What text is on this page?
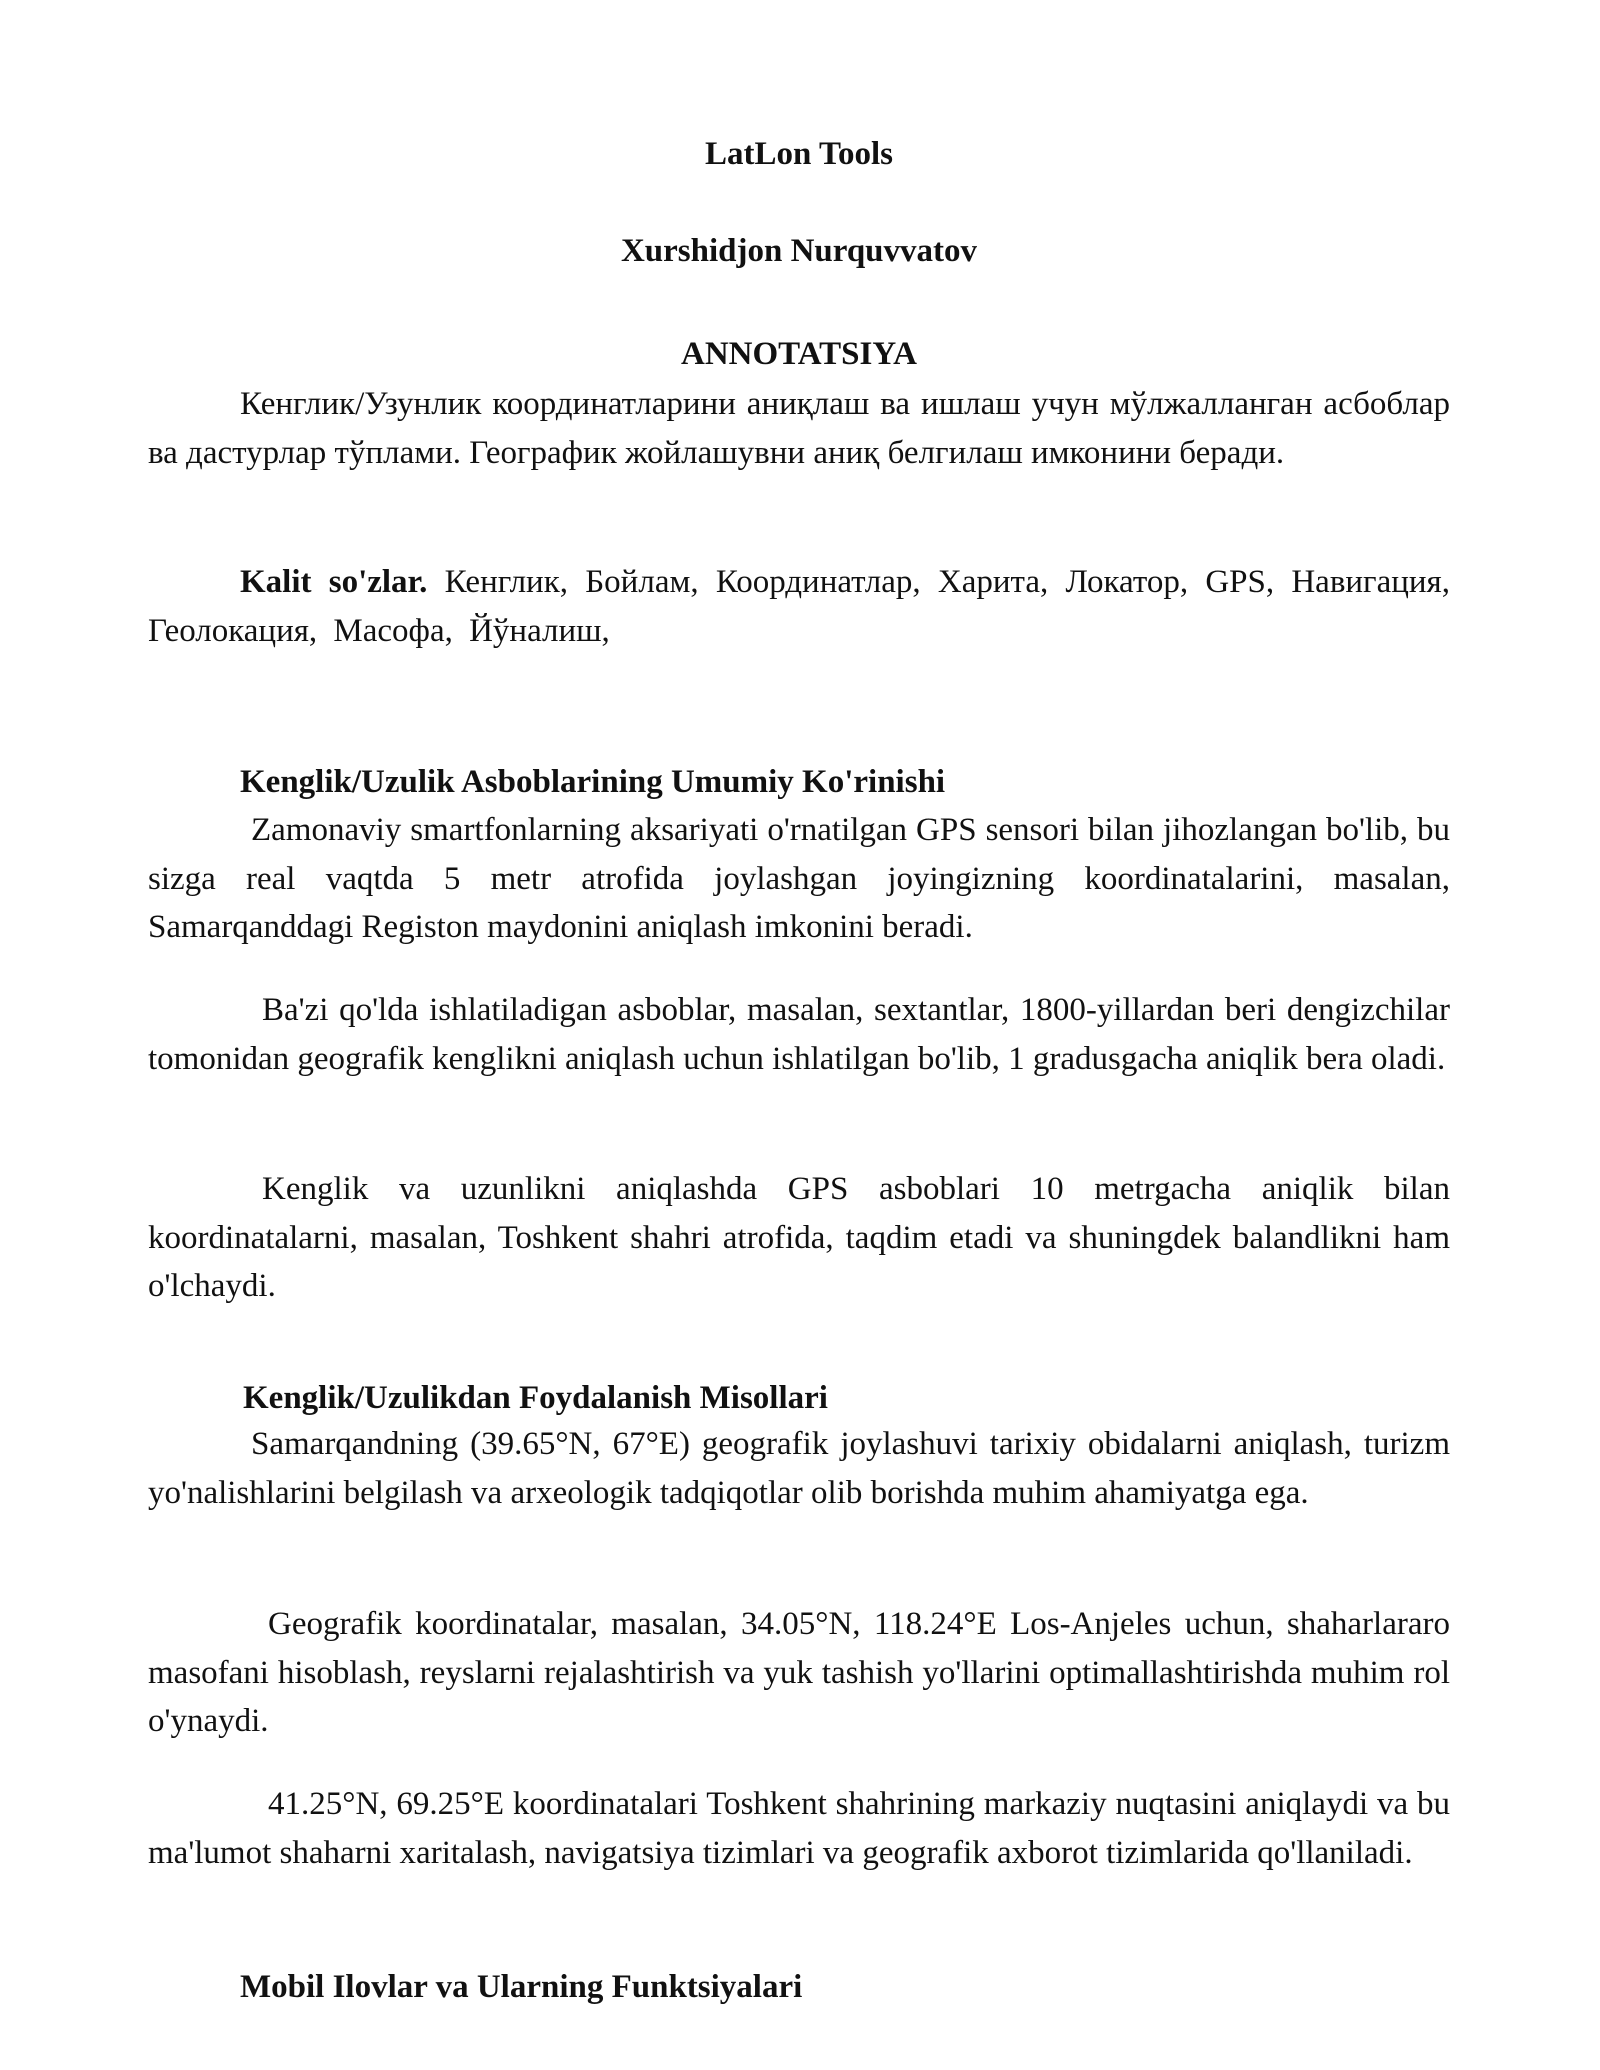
LatLon Tools

Xurshidjon Nurquvvatov

ANNOTATSIYA

Кенглик/Узунлик координатларини аниқлаш ва ишлаш учун мўлжалланган асбоблар ва дастурлар тўплами. Географик жойлашувни аниқ белгилаш имконини беради.

Kalit so'zlar. Кенглик, Бойлам, Координатлар, Харита, Локатор, GPS, Навигация, Геолокация, Масофа, Йўналиш,

Kenglik/Uzulik Asboblarining Umumiy Ko'rinishi

Zamonaviy smartfonlarning aksariyati o'rnatilgan GPS sensori bilan jihozlangan bo'lib, bu sizga real vaqtda 5 metr atrofida joylashgan joyingizning koordinatalarini, masalan, Samarqanddagi Registon maydonini aniqlash imkonini beradi.

Ba'zi qo'lda ishlatiladigan asboblar, masalan, sextantlar, 1800-yillardan beri dengizchilar tomonidan geografik kenglikni aniqlash uchun ishlatilgan bo'lib, 1 gradusgacha aniqlik bera oladi.

Kenglik va uzunlikni aniqlashda GPS asboblari 10 metrgacha aniqlik bilan koordinatalarni, masalan, Toshkent shahri atrofida, taqdim etadi va shuningdek balandlikni ham o'lchaydi.

Kenglik/Uzulikdan Foydalanish Misollari

Samarqandning (39.65°N, 67°E) geografik joylashuvi tarixiy obidalarni aniqlash, turizm yo'nalishlarini belgilash va arxeologik tadqiqotlar olib borishda muhim ahamiyatga ega.

Geografik koordinatalar, masalan, 34.05°N, 118.24°E Los-Anjeles uchun, shaharlararo masofani hisoblash, reyslarni rejalashtirish va yuk tashish yo'llarini optimallashtirishda muhim rol o'ynaydi.

41.25°N, 69.25°E koordinatalari Toshkent shahrining markaziy nuqtasini aniqlaydi va bu ma'lumot shaharni xaritalash, navigatsiya tizimlari va geografik axborot tizimlarida qo'llaniladi.

Mobil Ilovlar va Ularning Funktsiyalari
